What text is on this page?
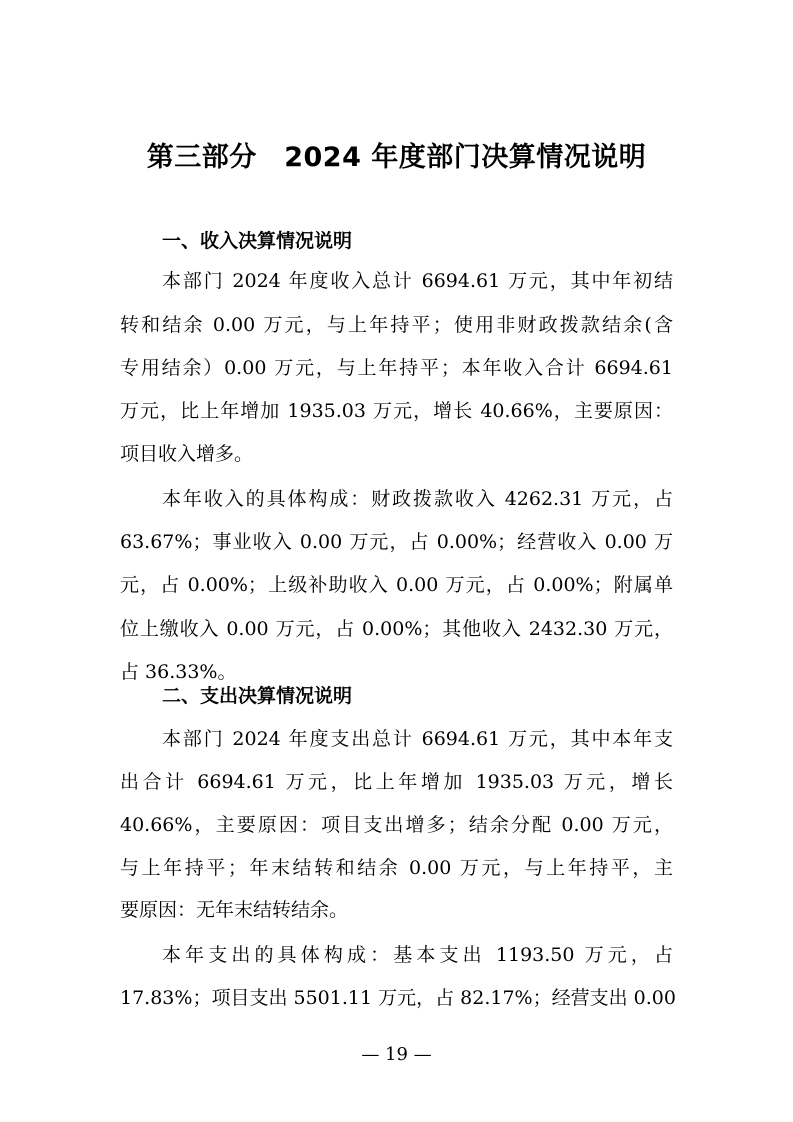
第三部分　2024 年度部门决算情况说明
一、收入决算情况说明
本部门 2024 年度收入总计 6694.61 万元，其中年初结
转和结余 0.00 万元，与上年持平；使用非财政拨款结余(含
专用结余）0.00 万元，与上年持平；本年收入合计 6694.61
万元，比上年增加 1935.03 万元，增长 40.66%，主要原因：
项目收入增多。
本年收入的具体构成：财政拨款收入 4262.31 万元，占
63.67%；事业收入 0.00 万元，占 0.00%；经营收入 0.00 万
元，占 0.00%；上级补助收入 0.00 万元，占 0.00%；附属单
位上缴收入 0.00 万元，占 0.00%；其他收入 2432.30 万元，
占 36.33%。
二、支出决算情况说明
本部门 2024 年度支出总计 6694.61 万元，其中本年支
出合计 6694.61 万元，比上年增加 1935.03 万元，增长
40.66%，主要原因：项目支出增多；结余分配 0.00 万元，
与上年持平；年末结转和结余 0.00 万元，与上年持平，主
要原因：无年末结转结余。
本年支出的具体构成：基本支出 1193.50 万元，占
17.83%；项目支出 5501.11 万元，占 82.17%；经营支出 0.00
— 19 —
